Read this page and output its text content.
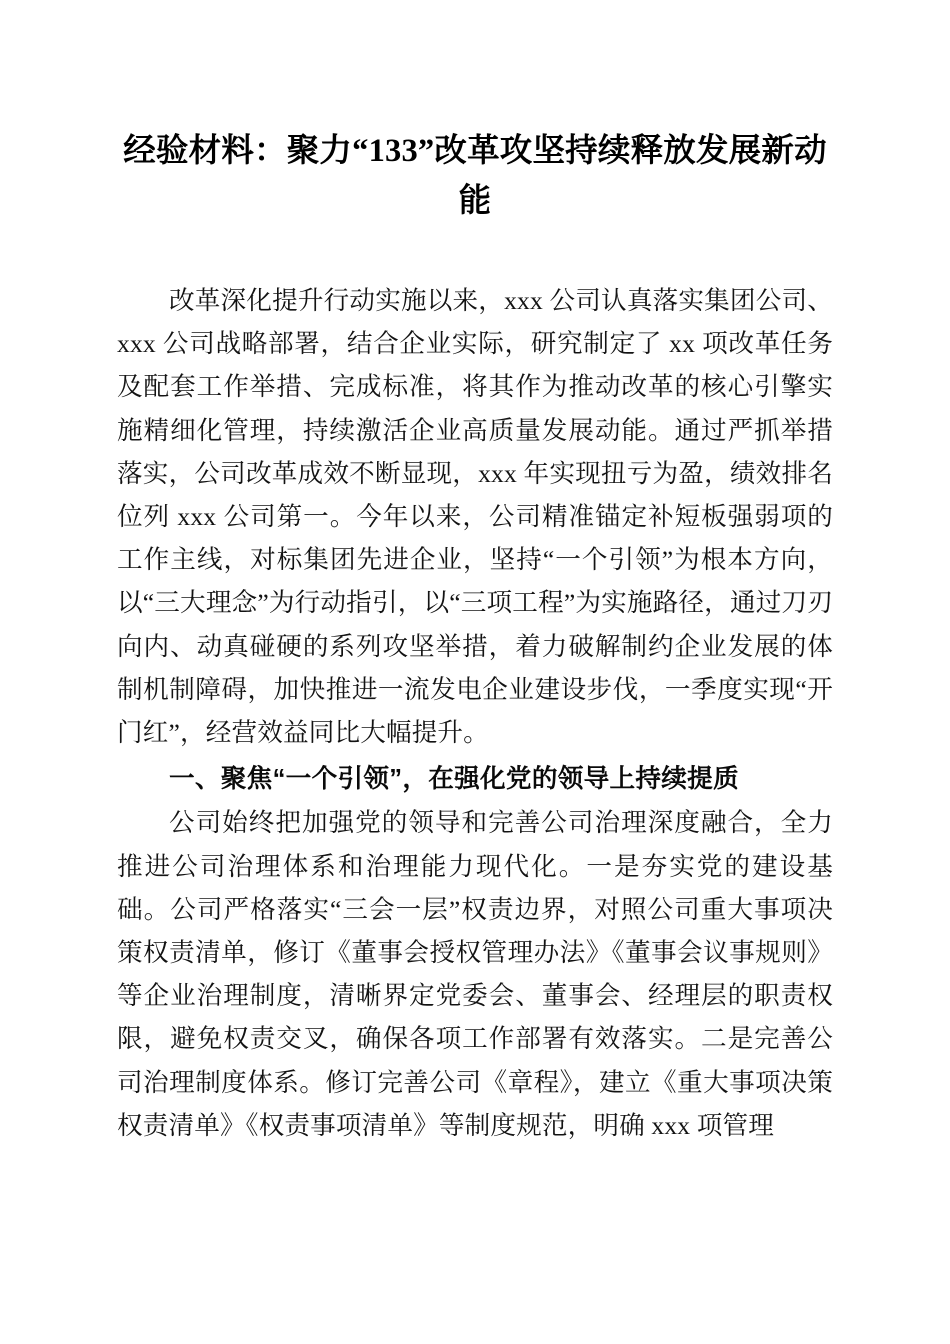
经验材料：聚力“133”改革攻坚持续释放发展新动能

改革深化提升行动实施以来，xxx 公司认真落实集团公司、xxx 公司战略部署，结合企业实际，研究制定了 xx 项改革任务及配套工作举措、完成标准，将其作为推动改革的核心引擎实施精细化管理，持续激活企业高质量发展动能。通过严抓举措落实，公司改革成效不断显现，xxx 年实现扭亏为盈，绩效排名位列 xxx 公司第一。今年以来，公司精准锚定补短板强弱项的工作主线，对标集团先进企业，坚持“一个引领”为根本方向，以“三大理念”为行动指引，以“三项工程”为实施路径，通过刀刃向内、动真碰硬的系列攻坚举措，着力破解制约企业发展的体制机制障碍，加快推进一流发电企业建设步伐，一季度实现“开门红”，经营效益同比大幅提升。

一、聚焦“一个引领”，在强化党的领导上持续提质

公司始终把加强党的领导和完善公司治理深度融合，全力推进公司治理体系和治理能力现代化。一是夯实党的建设基础。公司严格落实“三会一层”权责边界，对照公司重大事项决策权责清单，修订《董事会授权管理办法》《董事会议事规则》等企业治理制度，清晰界定党委会、董事会、经理层的职责权限，避免权责交叉，确保各项工作部署有效落实。二是完善公司治理制度体系。修订完善公司《章程》，建立《重大事项决策权责清单》《权责事项清单》等制度规范，明确 xxx 项管理
